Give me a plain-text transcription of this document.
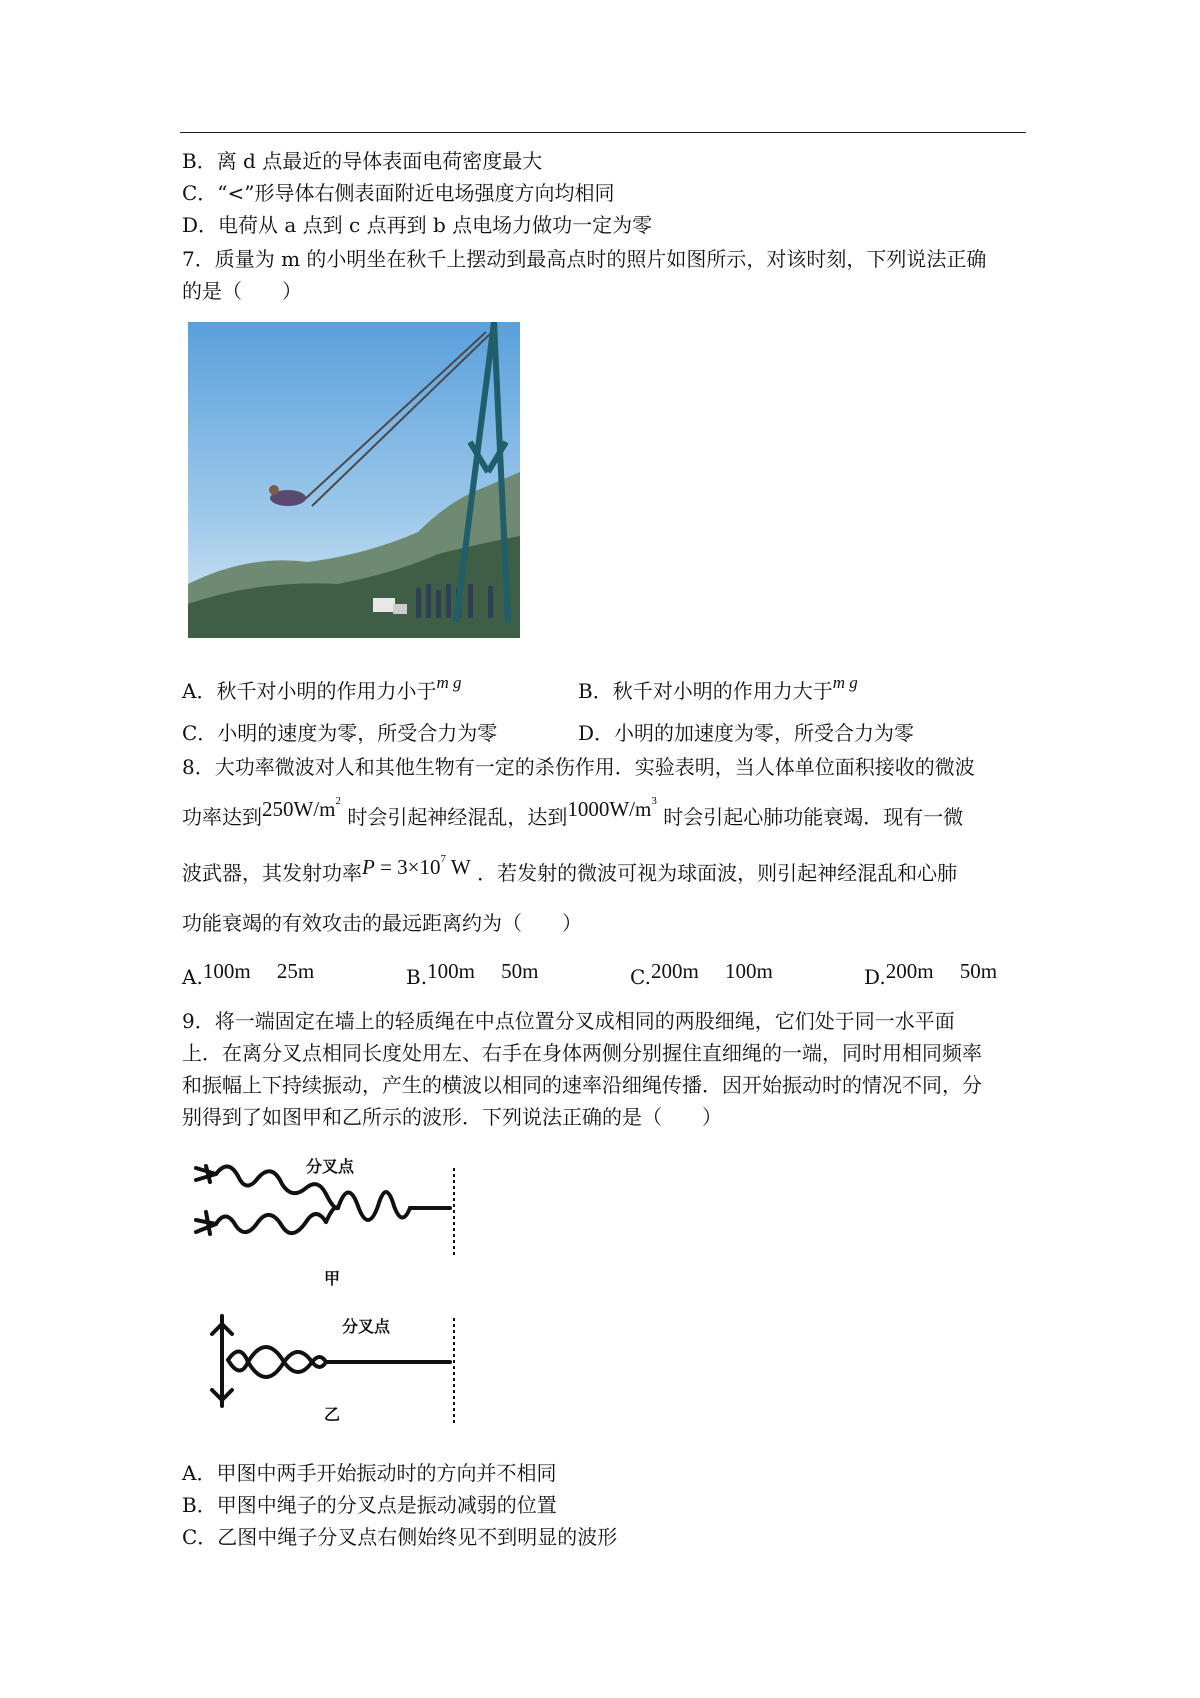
B．离 d 点最近的导体表面电荷密度最大
C．“<”形导体右侧表面附近电场强度方向均相同
D．电荷从 a 点到 c 点再到 b 点电场力做功一定为零
7．质量为 m 的小明坐在秋千上摆动到最高点时的照片如图所示，对该时刻，下列说法正确
的是（　　）
A．秋千对小明的作用力小于$^{m g}$	B．秋千对小明的作用力大于$^{m g}$
C．小明的速度为零，所受合力为零	D．小明的加速度为零，所受合力为零
8．大功率微波对人和其他生物有一定的杀伤作用．实验表明，当人体单位面积接收的微波
功率达到$250W/m^2$ 时会引起神经混乱，达到$1000W/m^3$ 时会引起心肺功能衰竭．现有一微
波武器，其发射功率$P = 3\times 10^7$ W ．若发射的微波可视为球面波，则引起神经混乱和心肺
功能衰竭的有效攻击的最远距离约为（　　）
A.100m　 25m	B.100m　 50m	C.200m　 100m	D.200m　 50m
9．将一端固定在墙上的轻质绳在中点位置分叉成相同的两股细绳，它们处于同一水平面
上．在离分叉点相同长度处用左、右手在身体两侧分别握住直细绳的一端，同时用相同频率
和振幅上下持续振动，产生的横波以相同的速率沿细绳传播．因开始振动时的情况不同，分
别得到了如图甲和乙所示的波形．下列说法正确的是（　　）
分叉点
甲
分叉点
乙
A．甲图中两手开始振动时的方向并不相同
B．甲图中绳子的分叉点是振动减弱的位置
C．乙图中绳子分叉点右侧始终见不到明显的波形
